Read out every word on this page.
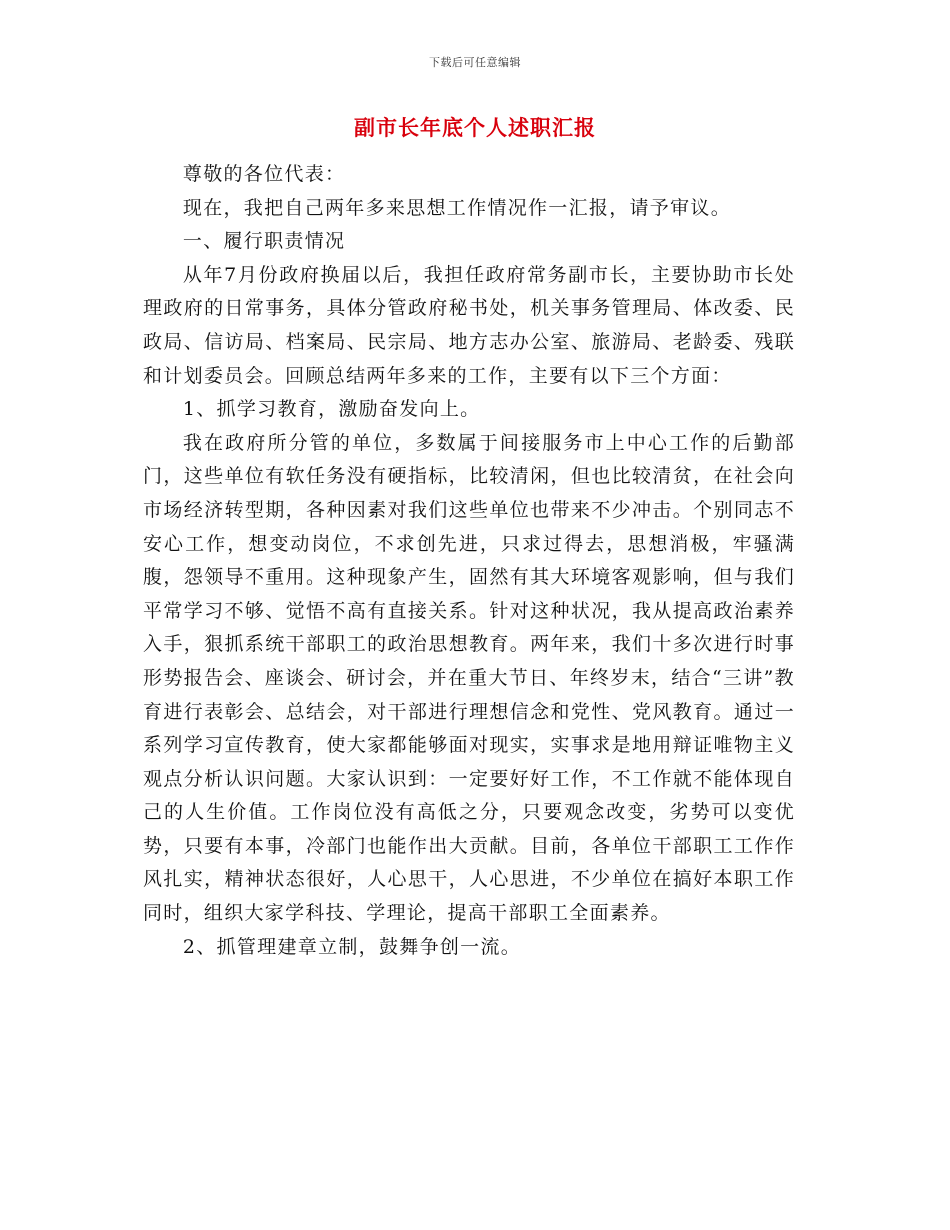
下载后可任意编辑
副市长年底个人述职汇报

尊敬的各位代表：

现在，我把自己两年多来思想工作情况作一汇报，请予审议。

一、履行职责情况

从年7月份政府换届以后，我担任政府常务副市长，主要协助市长处理政府的日常事务，具体分管政府秘书处，机关事务管理局、体改委、民政局、信访局、档案局、民宗局、地方志办公室、旅游局、老龄委、残联和计划委员会。回顾总结两年多来的工作，主要有以下三个方面：

1、抓学习教育，激励奋发向上。

我在政府所分管的单位，多数属于间接服务市上中心工作的后勤部门，这些单位有软任务没有硬指标，比较清闲，但也比较清贫，在社会向市场经济转型期，各种因素对我们这些单位也带来不少冲击。个别同志不安心工作，想变动岗位，不求创先进，只求过得去，思想消极，牢骚满腹，怨领导不重用。这种现象产生，固然有其大环境客观影响，但与我们平常学习不够、觉悟不高有直接关系。针对这种状况，我从提高政治素养入手，狠抓系统干部职工的政治思想教育。两年来，我们十多次进行时事形势报告会、座谈会、研讨会，并在重大节日、年终岁末，结合“三讲”教育进行表彰会、总结会，对干部进行理想信念和党性、党风教育。通过一系列学习宣传教育，使大家都能够面对现实，实事求是地用辩证唯物主义观点分析认识问题。大家认识到：一定要好好工作，不工作就不能体现自己的人生价值。工作岗位没有高低之分，只要观念改变，劣势可以变优势，只要有本事，冷部门也能作出大贡献。目前，各单位干部职工工作作风扎实，精神状态很好，人心思干，人心思进，不少单位在搞好本职工作同时，组织大家学科技、学理论，提高干部职工全面素养。

2、抓管理建章立制，鼓舞争创一流。
